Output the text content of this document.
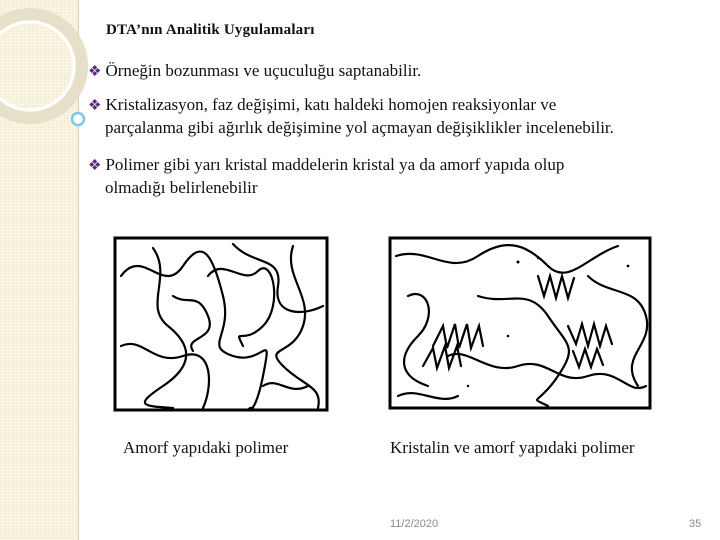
DTA’nın Analitik Uygulamaları
❖ Örneğin bozunması ve uçuculuğu saptanabilir.
❖ Kristalizasyon, faz değişimi, katı haldeki homojen reaksiyonlar ve
parçalanma gibi ağırlık değişimine yol açmayan değişiklikler incelenebilir.
❖ Polimer gibi yarı kristal maddelerin kristal ya da amorf yapıda olup
olmadığı belirlenebilir
Amorf yapıdaki polimer	Kristalin ve amorf yapıdaki polimer
11/2/2020	35
